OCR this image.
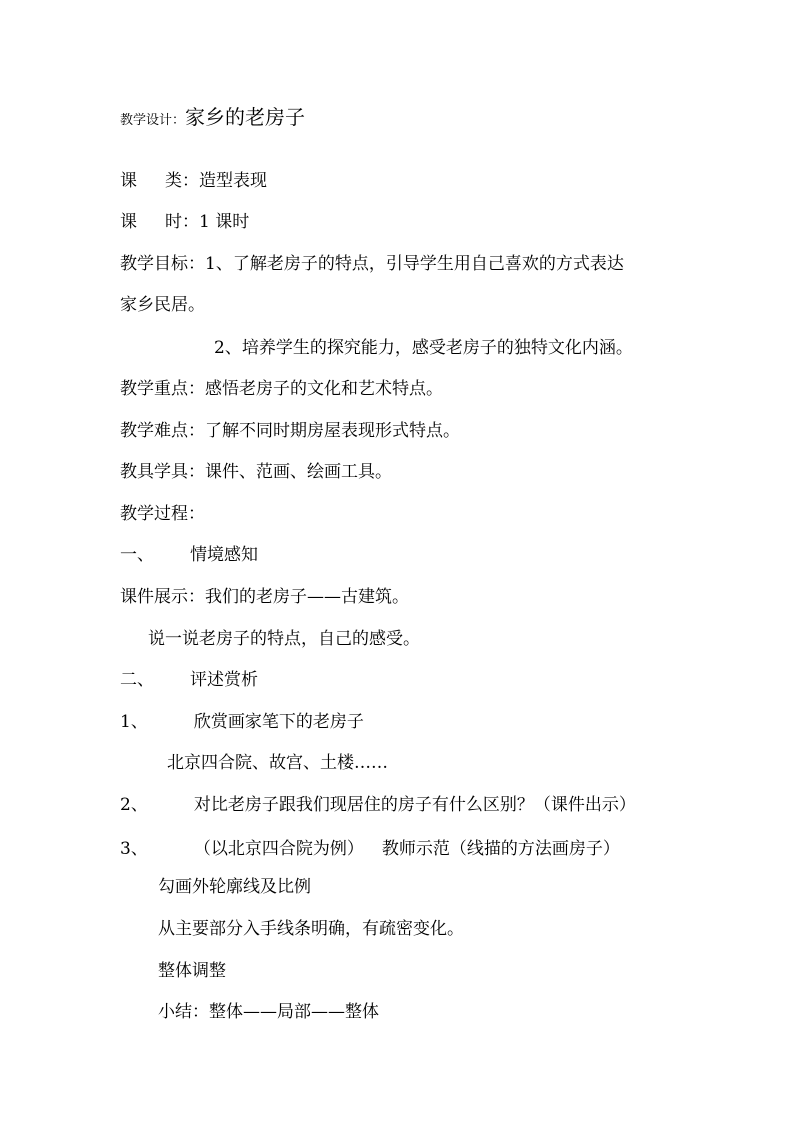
教学设计：家乡的老房子
课 类：造型表现
课 时：1 课时
教学目标：1、了解老房子的特点，引导学生用自己喜欢的方式表达
家乡民居。
2、培养学生的探究能力，感受老房子的独特文化内涵。
教学重点：感悟老房子的文化和艺术特点。
教学难点：了解不同时期房屋表现形式特点。
教具学具：课件、范画、绘画工具。
教学过程：
一、 情境感知
课件展示：我们的老房子——古建筑。
说一说老房子的特点，自己的感受。
二、 评述赏析
1、	欣赏画家笔下的老房子
北京四合院、故宫、土楼……
2、	对比老房子跟我们现居住的房子有什么区别？（课件出示）
3、	（以北京四合院为例） 教师示范（线描的方法画房子）
勾画外轮廓线及比例
从主要部分入手线条明确，有疏密变化。
整体调整
小结：整体——局部——整体
